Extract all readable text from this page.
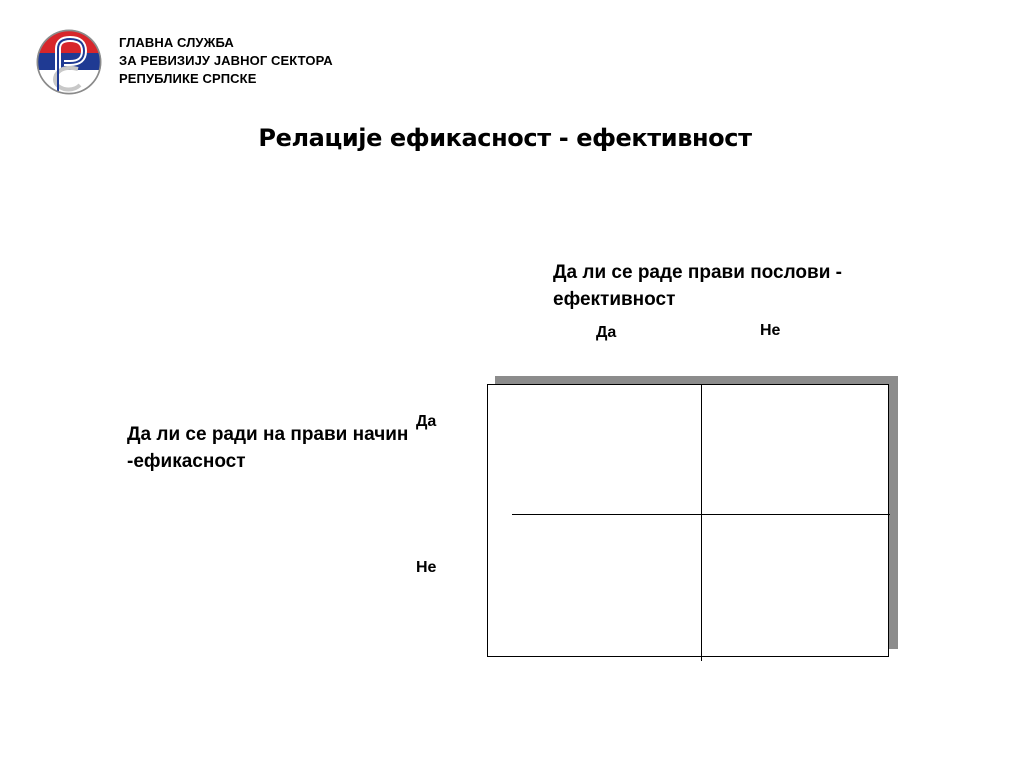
ГЛАВНА СЛУЖБА
ЗА РЕВИЗИЈУ ЈАВНОГ СЕКТОРА
РЕПУБЛИКЕ СРПСКЕ
Релације ефикасност - ефективност
Да ли се раде прави послови - ефективност
Да ли се ради на прави начин -ефикасност
Да	Не
Да
Не
